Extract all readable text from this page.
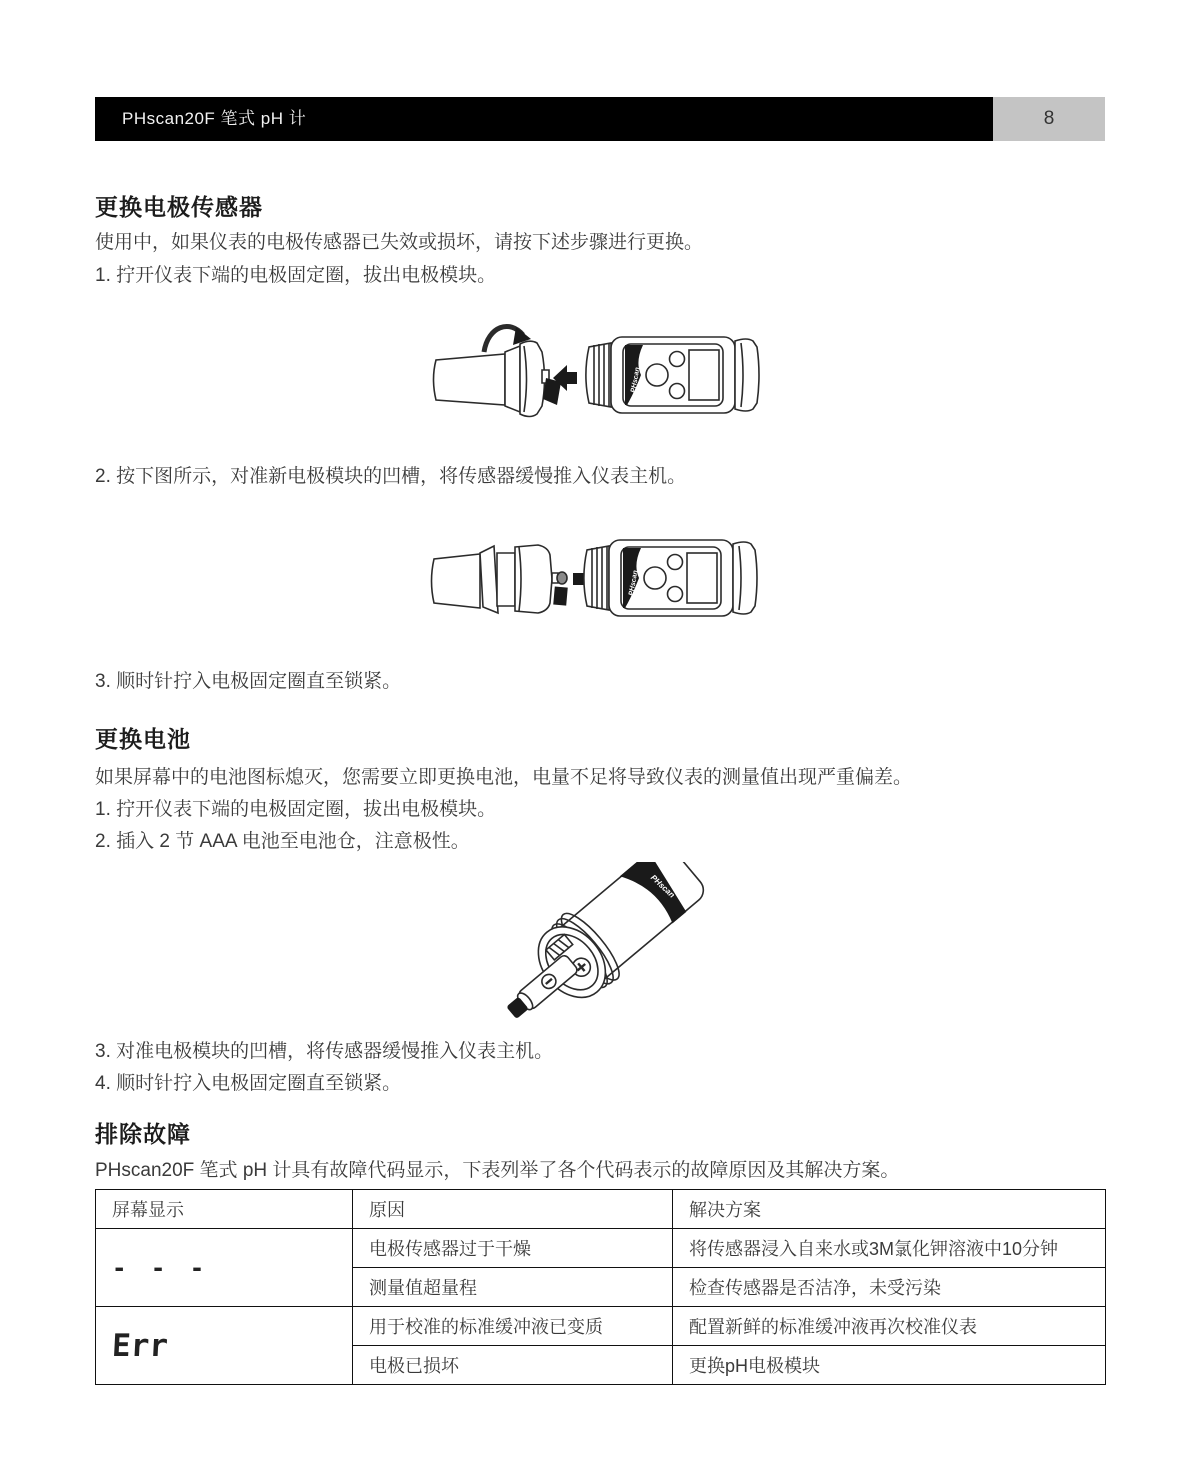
PHscan20F 笔式 pH 计	8
更换电极传感器
使用中，如果仪表的电极传感器已失效或损坏，请按下述步骤进行更换。
1. 拧开仪表下端的电极固定圈，拔出电极模块。
2. 按下图所示，对准新电极模块的凹槽，将传感器缓慢推入仪表主机。
3. 顺时针拧入电极固定圈直至锁紧。
更换电池
如果屏幕中的电池图标熄灭，您需要立即更换电池，电量不足将导致仪表的测量值出现严重偏差。
1. 拧开仪表下端的电极固定圈，拔出电极模块。
2. 插入 2 节 AAA 电池至电池仓，注意极性。
PHscan
3. 对准电极模块的凹槽，将传感器缓慢推入仪表主机。
4. 顺时针拧入电极固定圈直至锁紧。
排除故障
PHscan20F 笔式 pH 计具有故障代码显示，下表列举了各个代码表示的故障原因及其解决方案。
屏幕显示	原因	解决方案
- - -	电极传感器过于干燥	将传感器浸入自来水或3M氯化钾溶液中10分钟
	测量值超量程	检查传感器是否洁净，未受污染
Err	用于校准的标准缓冲液已变质	配置新鲜的标准缓冲液再次校准仪表
	电极已损坏	更换pH电极模块
